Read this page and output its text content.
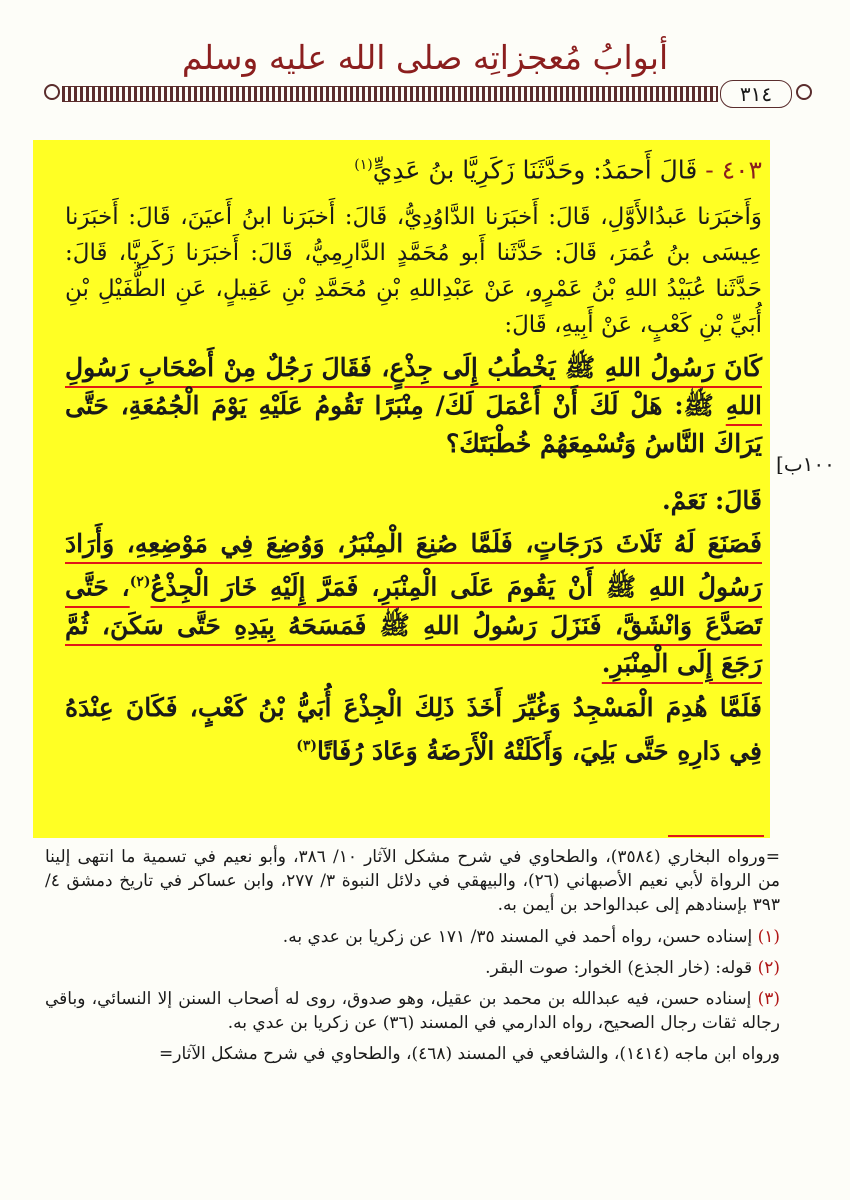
أبوابُ مُعجزاتِه صلى الله عليه وسلم
٣١٤

٤٠٣ - قَالَ أَحمَدُ: وحَدَّثَنَا زَكَرِيَّا بنُ عَدِيٍّ$^{(١)}$

وَأَخبَرَنا عَبدُالأَوَّلِ، قَالَ: أَخبَرَنا الدَّاوُدِيُّ، قَالَ: أَخبَرَنا ابنُ أَعيَنَ، قَالَ: أَخبَرَنا عِيسَى بنُ عُمَرَ، قَالَ: حَدَّثَنا أَبو مُحَمَّدٍ الدَّارِمِيُّ، قَالَ: أَخبَرَنا زَكَرِيَّا، قَالَ: حَدَّثَنا عُبَيْدُ اللهِ بْنُ عَمْرٍو، عَنْ عَبْدِاللهِ بْنِ مُحَمَّدِ بْنِ عَقِيلٍ، عَنِ الطُّفَيْلِ بْنِ أُبَيِّ بْنِ كَعْبٍ، عَنْ أَبِيهِ، قَالَ:

كَانَ رَسُولُ اللهِ ﷺ يَخْطُبُ إِلَى جِذْعٍ، فَقَالَ رَجُلٌ مِنْ أَصْحَابِ رَسُولِ اللهِ ﷺ: هَلْ لَكَ أَنْ أَعْمَلَ لَكَ/ مِنْبَرًا تَقُومُ عَلَيْهِ يَوْمَ الْجُمُعَةِ، حَتَّى يَرَاكَ النَّاسُ وَتُسْمِعَهُمْ خُطْبَتَكَ؟

قَالَ: نَعَمْ.

فَصَنَعَ لَهُ ثَلَاثَ دَرَجَاتٍ، فَلَمَّا صُنِعَ الْمِنْبَرُ، وَوُضِعَ فِي مَوْضِعِهِ، وَأَرَادَ رَسُولُ اللهِ ﷺ أَنْ يَقُومَ عَلَى الْمِنْبَرِ، فَمَرَّ إِلَيْهِ خَارَ الْجِذْعُ$^{(٢)}$، حَتَّى تَصَدَّعَ وَانْشَقَّ، فَنَزَلَ رَسُولُ اللهِ ﷺ فَمَسَحَهُ بِيَدِهِ حَتَّى سَكَنَ، ثُمَّ رَجَعَ إِلَى الْمِنْبَرِ.

فَلَمَّا هُدِمَ الْمَسْجِدُ وَغُيِّرَ أَخَذَ ذَلِكَ الْجِذْعَ أُبَيُّ بْنُ كَعْبٍ، فَكَانَ عِنْدَهُ فِي دَارِهِ حَتَّى بَلِيَ، وَأَكَلَتْهُ الْأَرَضَةُ وَعَادَ رُفَاتًا$^{(٣)}$

[١٠٠ب

=ورواه البخاري (٣٥٨٤)، والطحاوي في شرح مشكل الآثار ١٠/ ٣٨٦، وأبو نعيم في تسمية ما انتهى إلينا من الرواة لأبي نعيم الأصبهاني (٢٦)، والبيهقي في دلائل النبوة ٣/ ٢٧٧، وابن عساكر في تاريخ دمشق ٤/ ٣٩٣ بإسنادهم إلى عبدالواحد بن أيمن به.

(١) إسناده حسن، رواه أحمد في المسند ٣٥/ ١٧١ عن زكريا بن عدي به.

(٢) قوله: (خار الجذع) الخوار: صوت البقر.

(٣) إسناده حسن، فيه عبدالله بن محمد بن عقيل، وهو صدوق، روى له أصحاب السنن إلا النسائي، وباقي رجاله ثقات رجال الصحيح، رواه الدارمي في المسند (٣٦) عن زكريا بن عدي به.

ورواه ابن ماجه (١٤١٤)، والشافعي في المسند (٤٦٨)، والطحاوي في شرح مشكل الآثار=
